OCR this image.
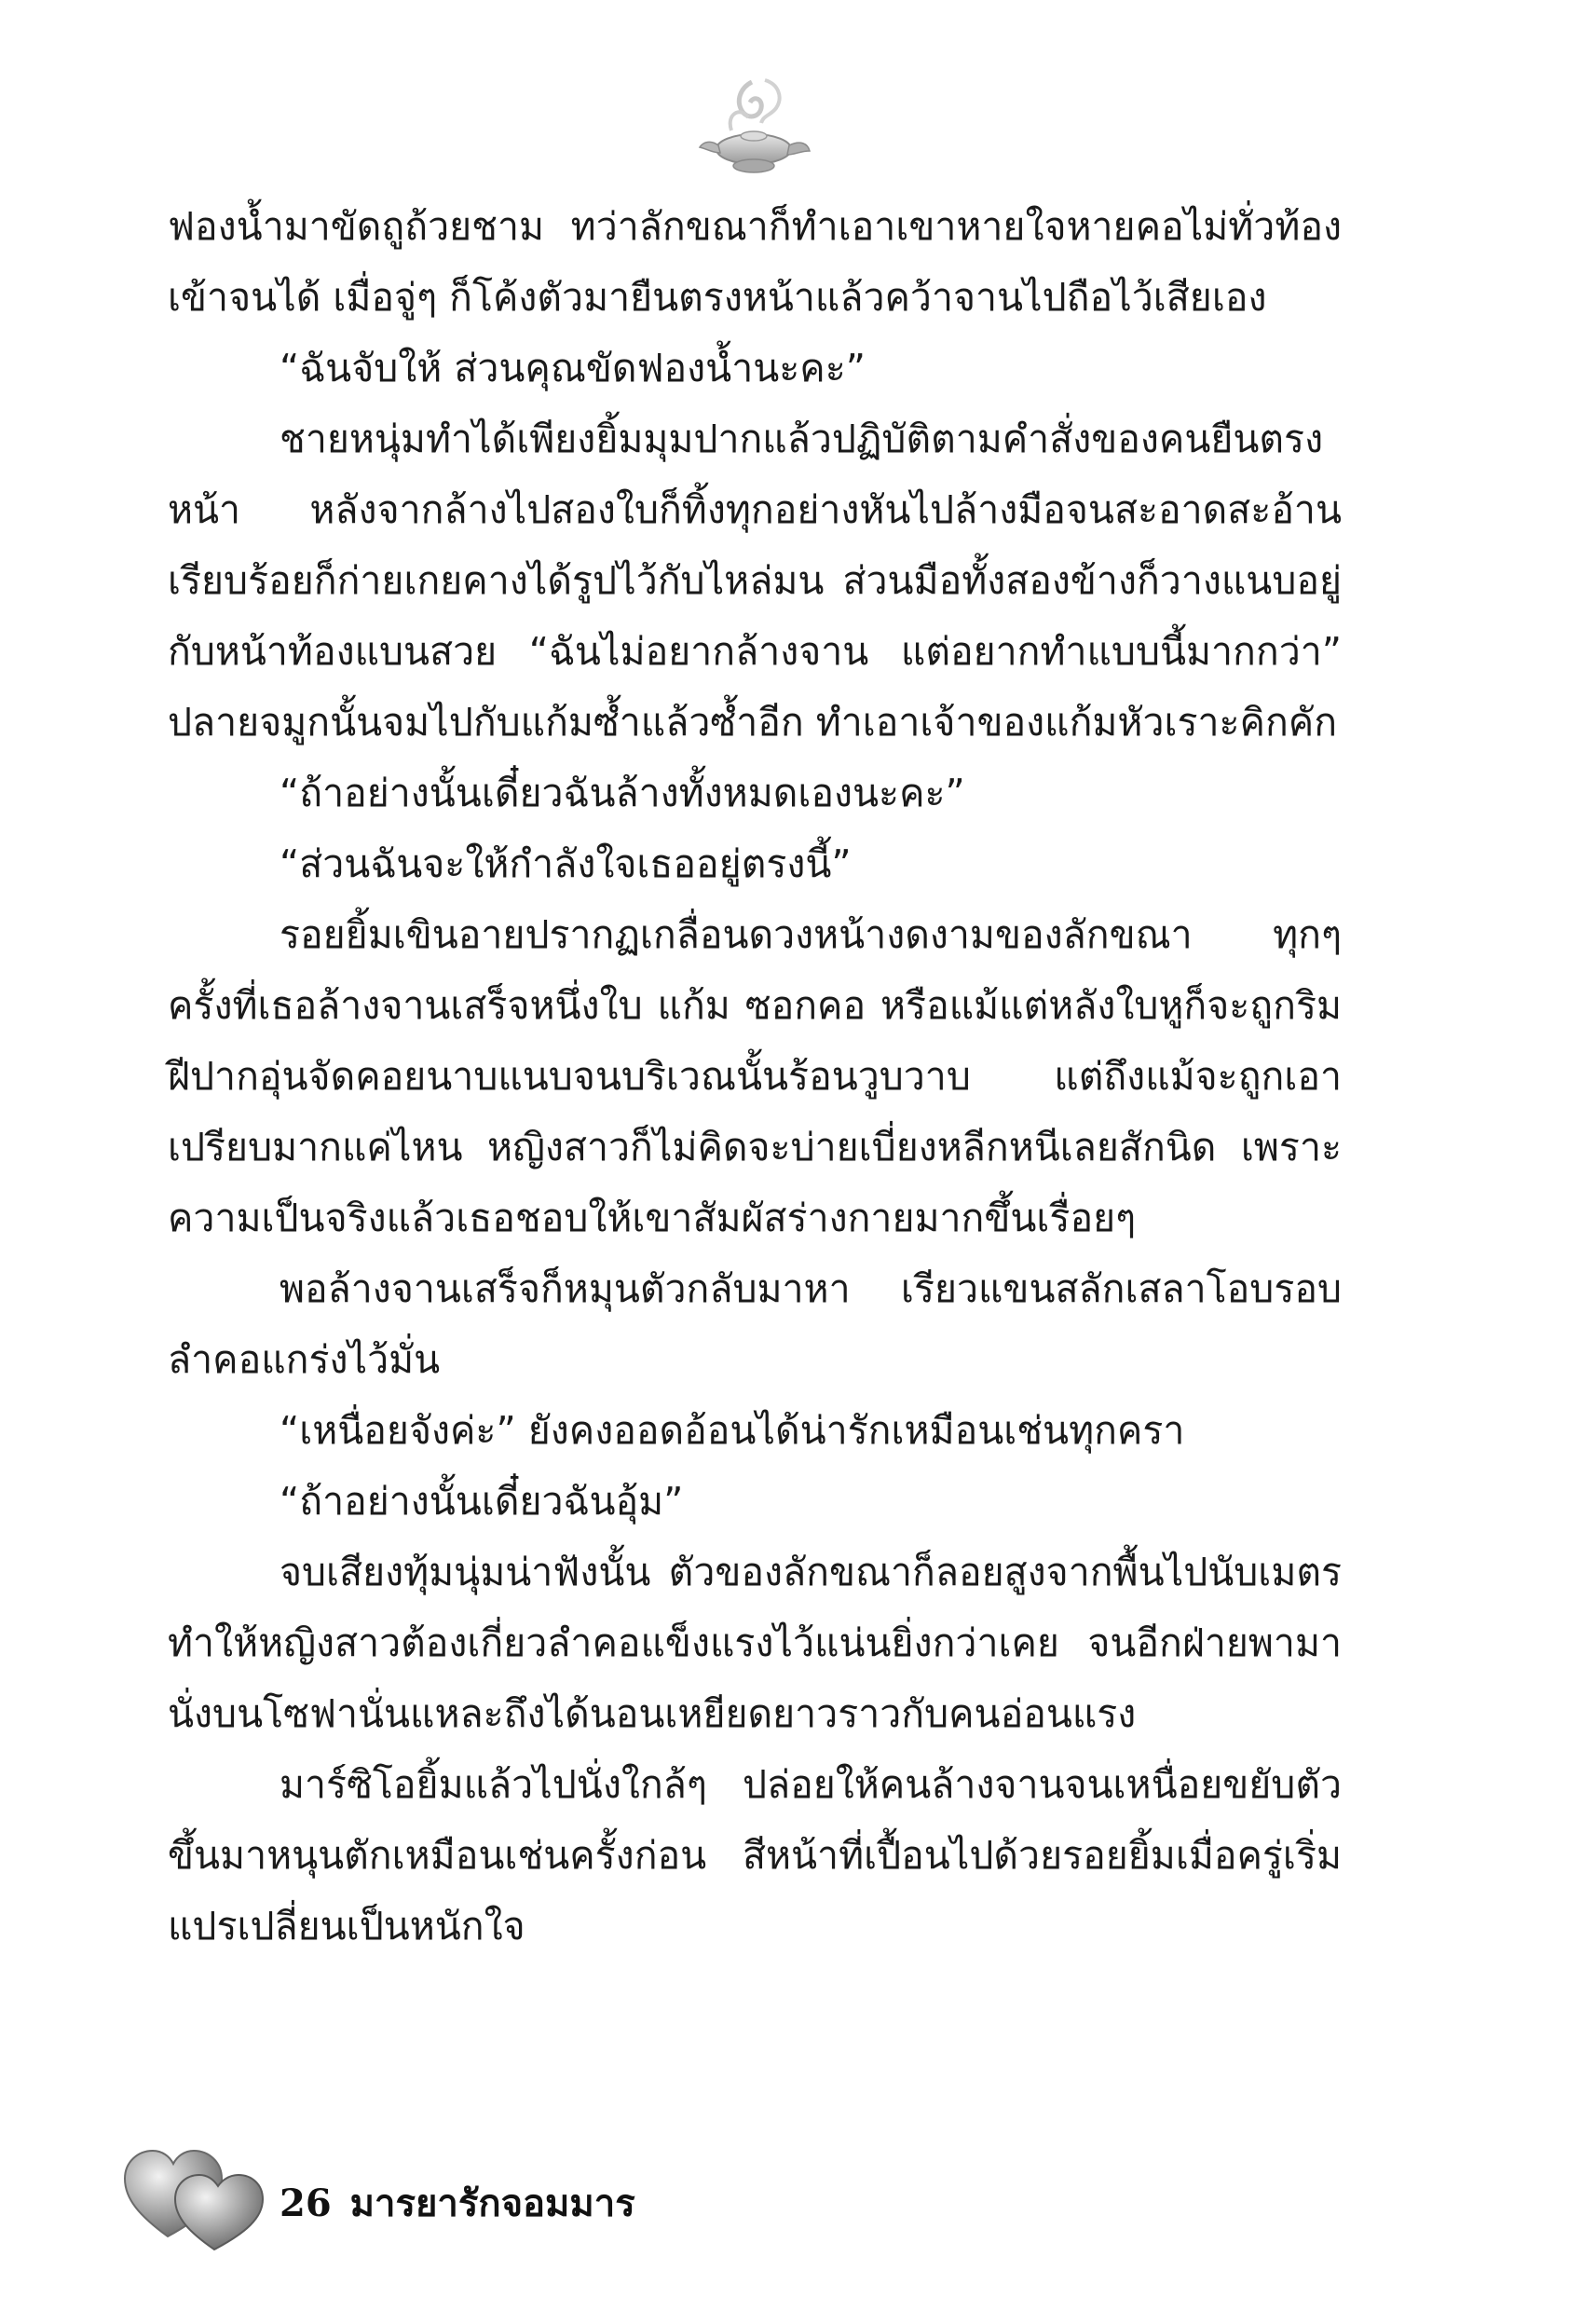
ฟองน้ำมาขัดถูถ้วยชาม ทว่าลักขณาก็ทำเอาเขาหายใจหายคอไม่ทั่วท้องเข้าจนได้ เมื่อจู่ๆ ก็โค้งตัวมายืนตรงหน้าแล้วคว้าจานไปถือไว้เสียเอง

“ฉันจับให้ ส่วนคุณขัดฟองน้ำนะคะ”

ชายหนุ่มทำได้เพียงยิ้มมุมปากแล้วปฏิบัติตามคำสั่งของคนยืนตรงหน้า หลังจากล้างไปสองใบก็ทิ้งทุกอย่างหันไปล้างมือจนสะอาดสะอ้าน เรียบร้อยก็ก่ายเกยคางได้รูปไว้กับไหล่มน ส่วนมือทั้งสองข้างก็วางแนบอยู่กับหน้าท้องแบนสวย “ฉันไม่อยากล้างจาน แต่อยากทำแบบนี้มากกว่า” ปลายจมูกนั้นจมไปกับแก้มซ้ำแล้วซ้ำอีก ทำเอาเจ้าของแก้มหัวเราะคิกคัก

“ถ้าอย่างนั้นเดี๋ยวฉันล้างทั้งหมดเองนะคะ”

“ส่วนฉันจะให้กำลังใจเธออยู่ตรงนี้”

รอยยิ้มเขินอายปรากฏเกลื่อนดวงหน้างดงามของลักขณา ทุกๆ ครั้งที่เธอล้างจานเสร็จหนึ่งใบ แก้ม ซอกคอ หรือแม้แต่หลังใบหูก็จะถูกริมฝีปากอุ่นจัดคอยนาบแนบจนบริเวณนั้นร้อนวูบวาบ แต่ถึงแม้จะถูกเอาเปรียบมากแค่ไหน หญิงสาวก็ไม่คิดจะบ่ายเบี่ยงหลีกหนีเลยสักนิด เพราะความเป็นจริงแล้วเธอชอบให้เขาสัมผัสร่างกายมากขึ้นเรื่อยๆ

พอล้างจานเสร็จก็หมุนตัวกลับมาหา เรียวแขนสลักเสลาโอบรอบลำคอแกร่งไว้มั่น

“เหนื่อยจังค่ะ” ยังคงออดอ้อนได้น่ารักเหมือนเช่นทุกครา

“ถ้าอย่างนั้นเดี๋ยวฉันอุ้ม”

จบเสียงทุ้มนุ่มน่าฟังนั้น ตัวของลักขณาก็ลอยสูงจากพื้นไปนับเมตร ทำให้หญิงสาวต้องเกี่ยวลำคอแข็งแรงไว้แน่นยิ่งกว่าเคย จนอีกฝ่ายพามานั่งบนโซฟานั่นแหละถึงได้นอนเหยียดยาวราวกับคนอ่อนแรง

มาร์ซิโอยิ้มแล้วไปนั่งใกล้ๆ ปล่อยให้คนล้างจานจนเหนื่อยขยับตัวขึ้นมาหนุนตักเหมือนเช่นครั้งก่อน สีหน้าที่เปื้อนไปด้วยรอยยิ้มเมื่อครู่เริ่มแปรเปลี่ยนเป็นหนักใจ

26 มารยารักจอมมาร
